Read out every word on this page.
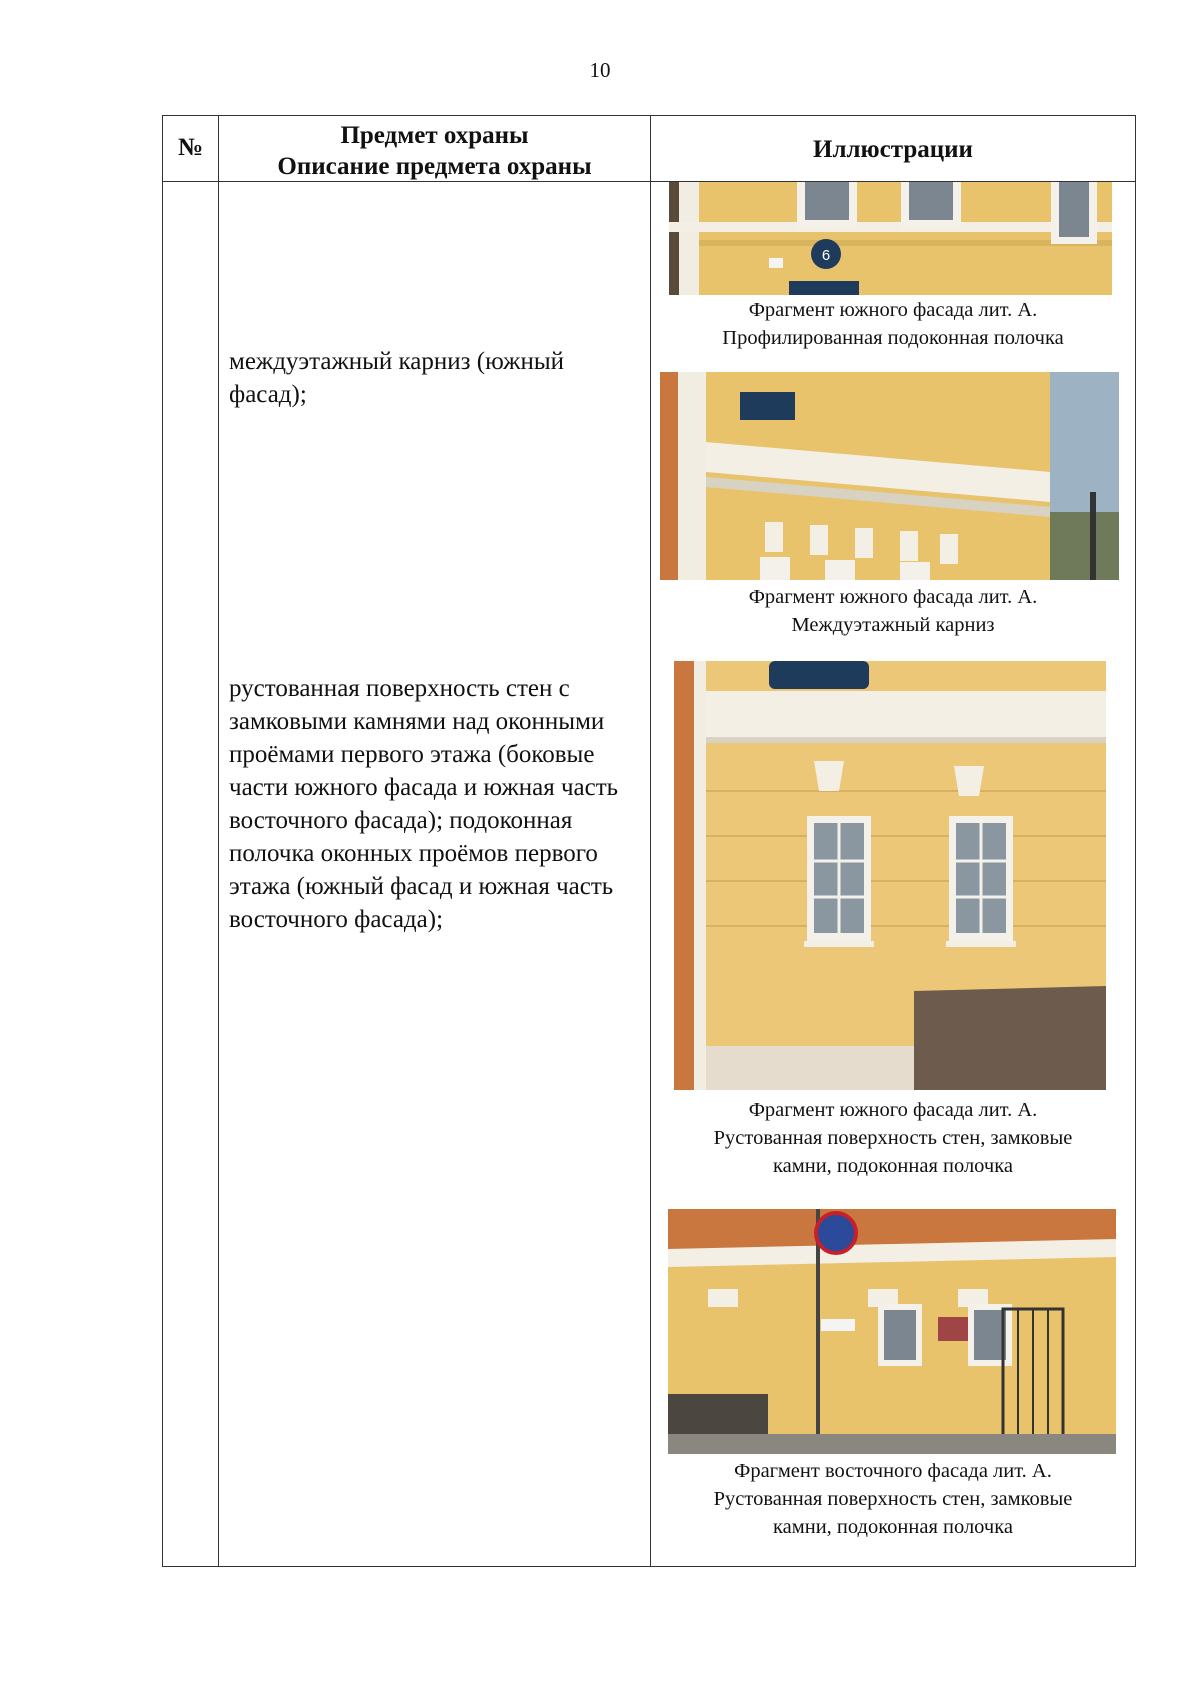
10
№	Предмет охраны
Описание предмета охраны
Иллюстрации
междуэтажный карниз (южный фасад);
рустованная поверхность стен с замковыми камнями над оконными проёмами первого этажа (боковые части южного фасада и южная часть восточного фасада); подоконная полочка оконных проёмов первого этажа (южный фасад и южная часть восточного фасада);
6
Фрагмент южного фасада лит. А.
Профилированная подоконная полочка
Фрагмент южного фасада лит. А.
Междуэтажный карниз
Фрагмент южного фасада лит. А.
Рустованная поверхность стен, замковые
камни, подоконная полочка
Фрагмент восточного фасада лит. А.
Рустованная поверхность стен, замковые
камни, подоконная полочка
